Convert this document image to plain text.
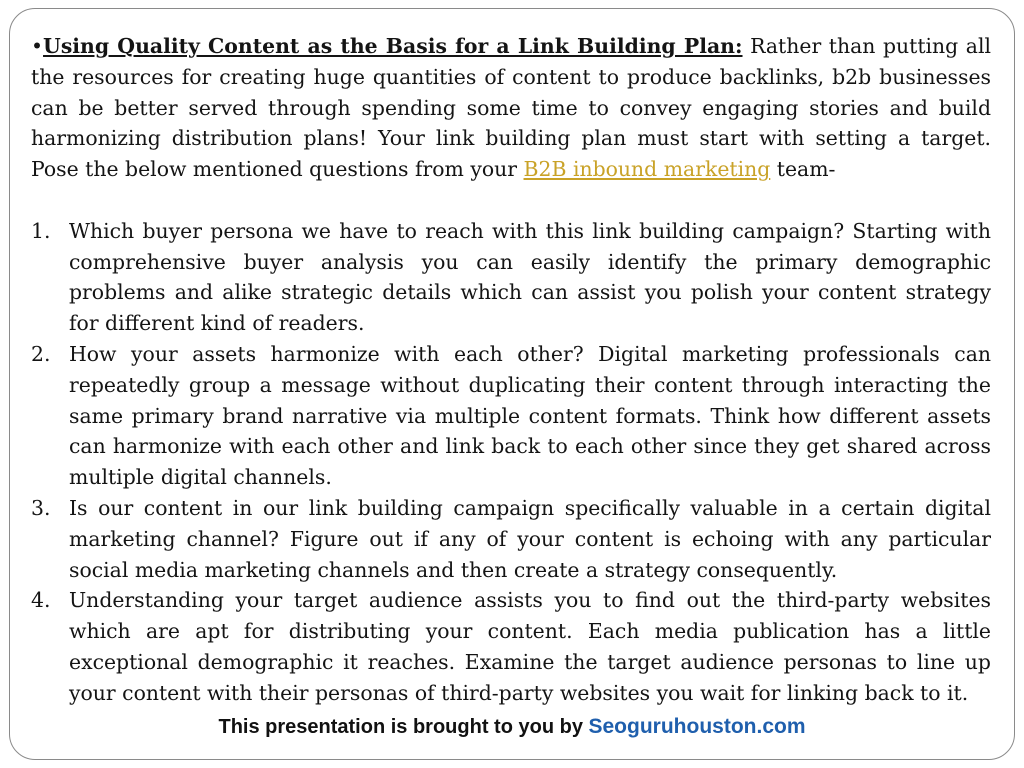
•Using Quality Content as the Basis for a Link Building Plan: Rather than putting all the resources for creating huge quantities of content to produce backlinks, b2b businesses can be better served through spending some time to convey engaging stories and build harmonizing distribution plans! Your link building plan must start with setting a target. Pose the below mentioned questions from your B2B inbound marketing team-

1. Which buyer persona we have to reach with this link building campaign? Starting with comprehensive buyer analysis you can easily identify the primary demographic problems and alike strategic details which can assist you polish your content strategy for different kind of readers.
2. How your assets harmonize with each other? Digital marketing professionals can repeatedly group a message without duplicating their content through interacting the same primary brand narrative via multiple content formats. Think how different assets can harmonize with each other and link back to each other since they get shared across multiple digital channels.
3. Is our content in our link building campaign specifically valuable in a certain digital marketing channel? Figure out if any of your content is echoing with any particular social media marketing channels and then create a strategy consequently.
4. Understanding your target audience assists you to find out the third-party websites which are apt for distributing your content. Each media publication has a little exceptional demographic it reaches. Examine the target audience personas to line up your content with their personas of third-party websites you wait for linking back to it.
This presentation is brought to you by Seoguruhouston.com
